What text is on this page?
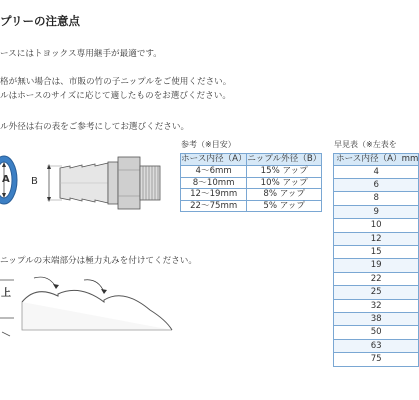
プリーの注意点
ースにはトヨックス専用継手が最適です。
格が無い場合は、市販の竹の子ニップルをご使用ください。
ルはホースのサイズに応じて適したものをお選びください。
ル外径は右の表をご参考にしてお選びください。
A B
参考（※目安）
ホース内径（A）	ニップル外径（B）
4〜6mm	15% アップ
8〜10mm	10% アップ
12〜19mm	8% アップ
22〜75mm	5% アップ
早見表（※左表を
ホース内径（A）mm
4
6
8
9
10
12
15
19
22
25
32
38
50
63
75
ニップルの末端部分は極力丸みを付けてください。
上
